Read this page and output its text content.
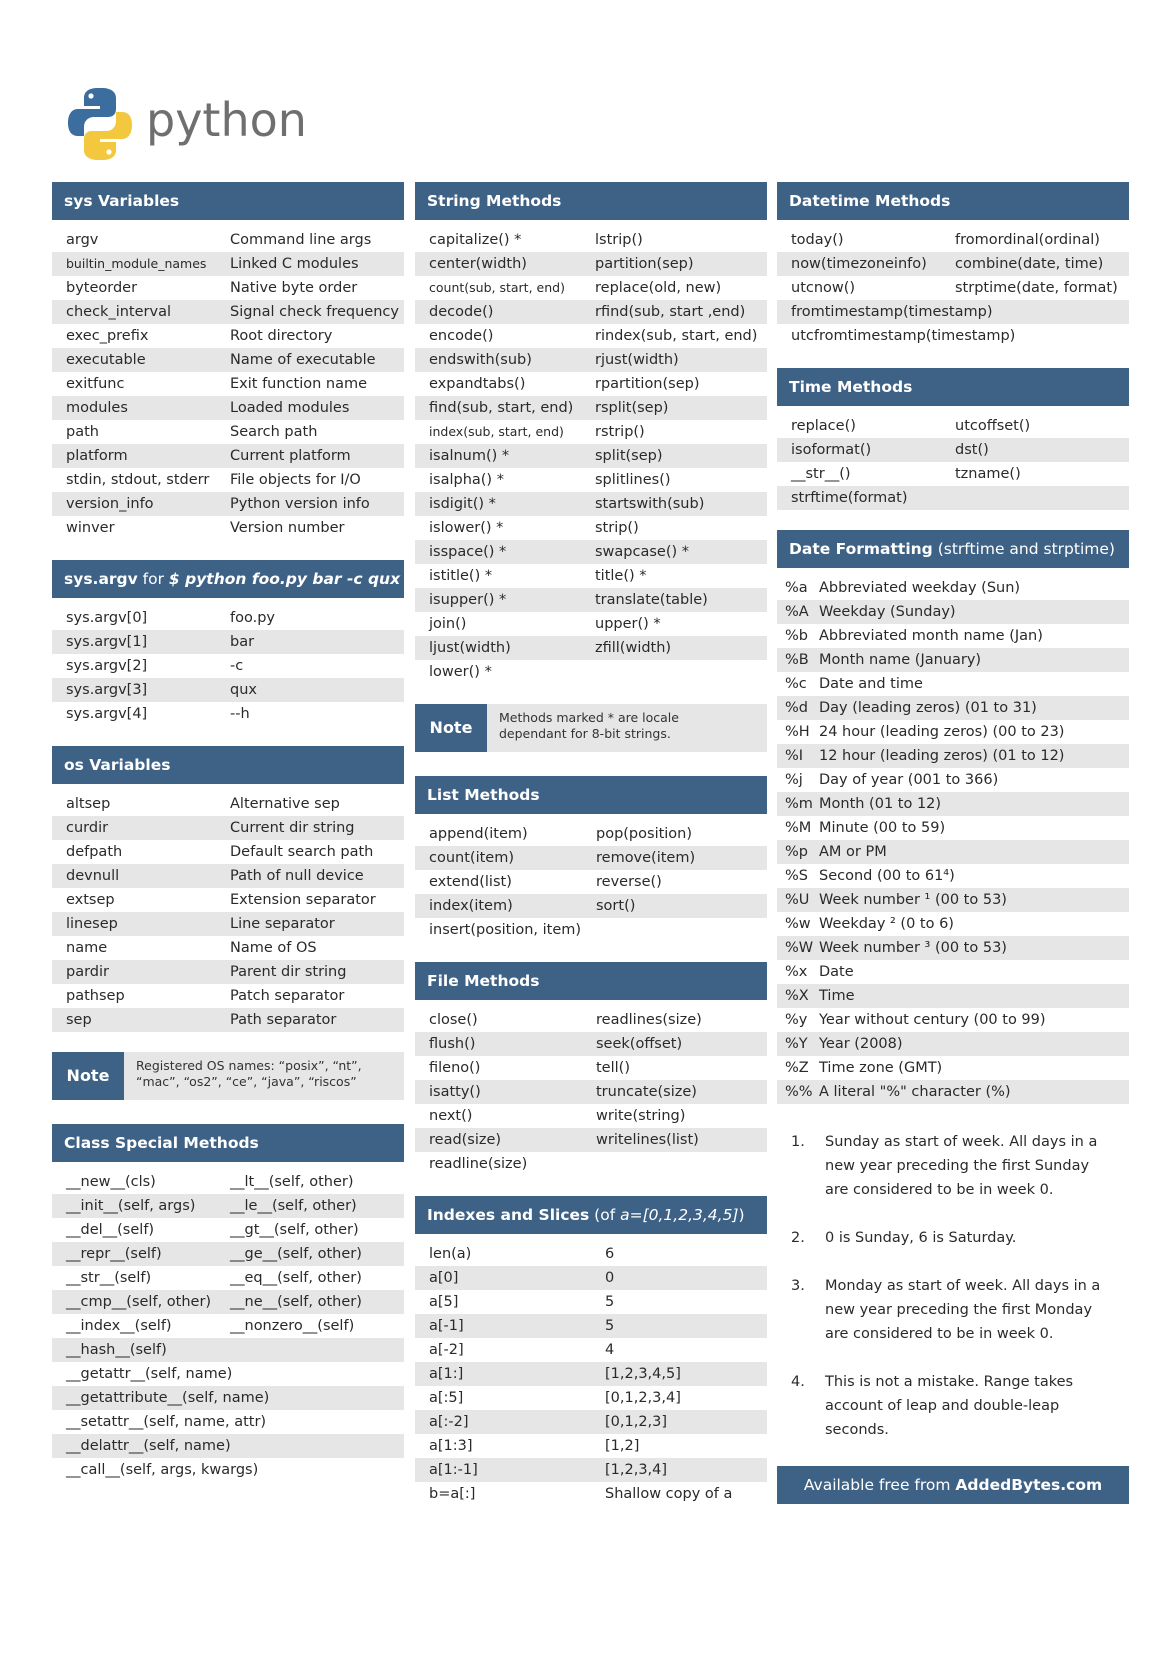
python
sys Variables
argv	Command line args
builtin_module_names	Linked C modules
byteorder	Native byte order
check_interval	Signal check frequency
exec_prefix	Root directory
executable	Name of executable
exitfunc	Exit function name
modules	Loaded modules
path	Search path
platform	Current platform
stdin, stdout, stderr	File objects for I/O
version_info	Python version info
winver	Version number
sys.argv for $ python foo.py bar -c qux --h
sys.argv[0]	foo.py
sys.argv[1]	bar
sys.argv[2]	-c
sys.argv[3]	qux
sys.argv[4]	--h
os Variables
altsep	Alternative sep
curdir	Current dir string
defpath	Default search path
devnull	Path of null device
extsep	Extension separator
linesep	Line separator
name	Name of OS
pardir	Parent dir string
pathsep	Patch separator
sep	Path separator
Note
Registered OS names: “posix”, “nt”,
“mac”, “os2”, “ce”, “java”, “riscos”
Class Special Methods
__new__(cls)	__lt__(self, other)
__init__(self, args)	__le__(self, other)
__del__(self)	__gt__(self, other)
__repr__(self)	__ge__(self, other)
__str__(self)	__eq__(self, other)
__cmp__(self, other)	__ne__(self, other)
__index__(self)	__nonzero__(self)
__hash__(self)
__getattr__(self, name)
__getattribute__(self, name)
__setattr__(self, name, attr)
__delattr__(self, name)
__call__(self, args, kwargs)
String Methods
capitalize() *	lstrip()
center(width)	partition(sep)
count(sub, start, end)	replace(old, new)
decode()	rfind(sub, start ,end)
encode()	rindex(sub, start, end)
endswith(sub)	rjust(width)
expandtabs()	rpartition(sep)
find(sub, start, end)	rsplit(sep)
index(sub, start, end)	rstrip()
isalnum() *	split(sep)
isalpha() *	splitlines()
isdigit() *	startswith(sub)
islower() *	strip()
isspace() *	swapcase() *
istitle() *	title() *
isupper() *	translate(table)
join()	upper() *
ljust(width)	zfill(width)
lower() *
Note
Methods marked * are locale
dependant for 8-bit strings.
List Methods
append(item)	pop(position)
count(item)	remove(item)
extend(list)	reverse()
index(item)	sort()
insert(position, item)
File Methods
close()	readlines(size)
flush()	seek(offset)
fileno()	tell()
isatty()	truncate(size)
next()	write(string)
read(size)	writelines(list)
readline(size)
Indexes and Slices (of a=[0,1,2,3,4,5])
len(a)	6
a[0]	0
a[5]	5
a[-1]	5
a[-2]	4
a[1:]	[1,2,3,4,5]
a[:5]	[0,1,2,3,4]
a[:-2]	[0,1,2,3]
a[1:3]	[1,2]
a[1:-1]	[1,2,3,4]
b=a[:]	Shallow copy of a
Datetime Methods
today()	fromordinal(ordinal)
now(timezoneinfo)	combine(date, time)
utcnow()	strptime(date, format)
fromtimestamp(timestamp)
utcfromtimestamp(timestamp)
Time Methods
replace()	utcoffset()
isoformat()	dst()
__str__()	tzname()
strftime(format)
Date Formatting (strftime and strptime)
%a Abbreviated weekday (Sun)
%A Weekday (Sunday)
%b Abbreviated month name (Jan)
%B Month name (January)
%c Date and time
%d Day (leading zeros) (01 to 31)
%H 24 hour (leading zeros) (00 to 23)
%I	12 hour (leading zeros) (01 to 12)
%j	Day of year (001 to 366)
%m Month (01 to 12)
%M Minute (00 to 59)
%p AM or PM
%S Second (00 to 61⁴)
%U Week number ¹ (00 to 53)
%w Weekday ² (0 to 6)
%W Week number ³ (00 to 53)
%x Date
%X Time
%y Year without century (00 to 99)
%Y Year (2008)
%Z Time zone (GMT)
%% A literal "%" character (%)
1.	Sunday as start of week. All days in a
new year preceding the first Sunday
are considered to be in week 0.
2.	0 is Sunday, 6 is Saturday.
3.	Monday as start of week. All days in a
new year preceding the first Monday
are considered to be in week 0.
4.	This is not a mistake. Range takes
account of leap and double-leap
seconds.
Available free from AddedBytes.com
